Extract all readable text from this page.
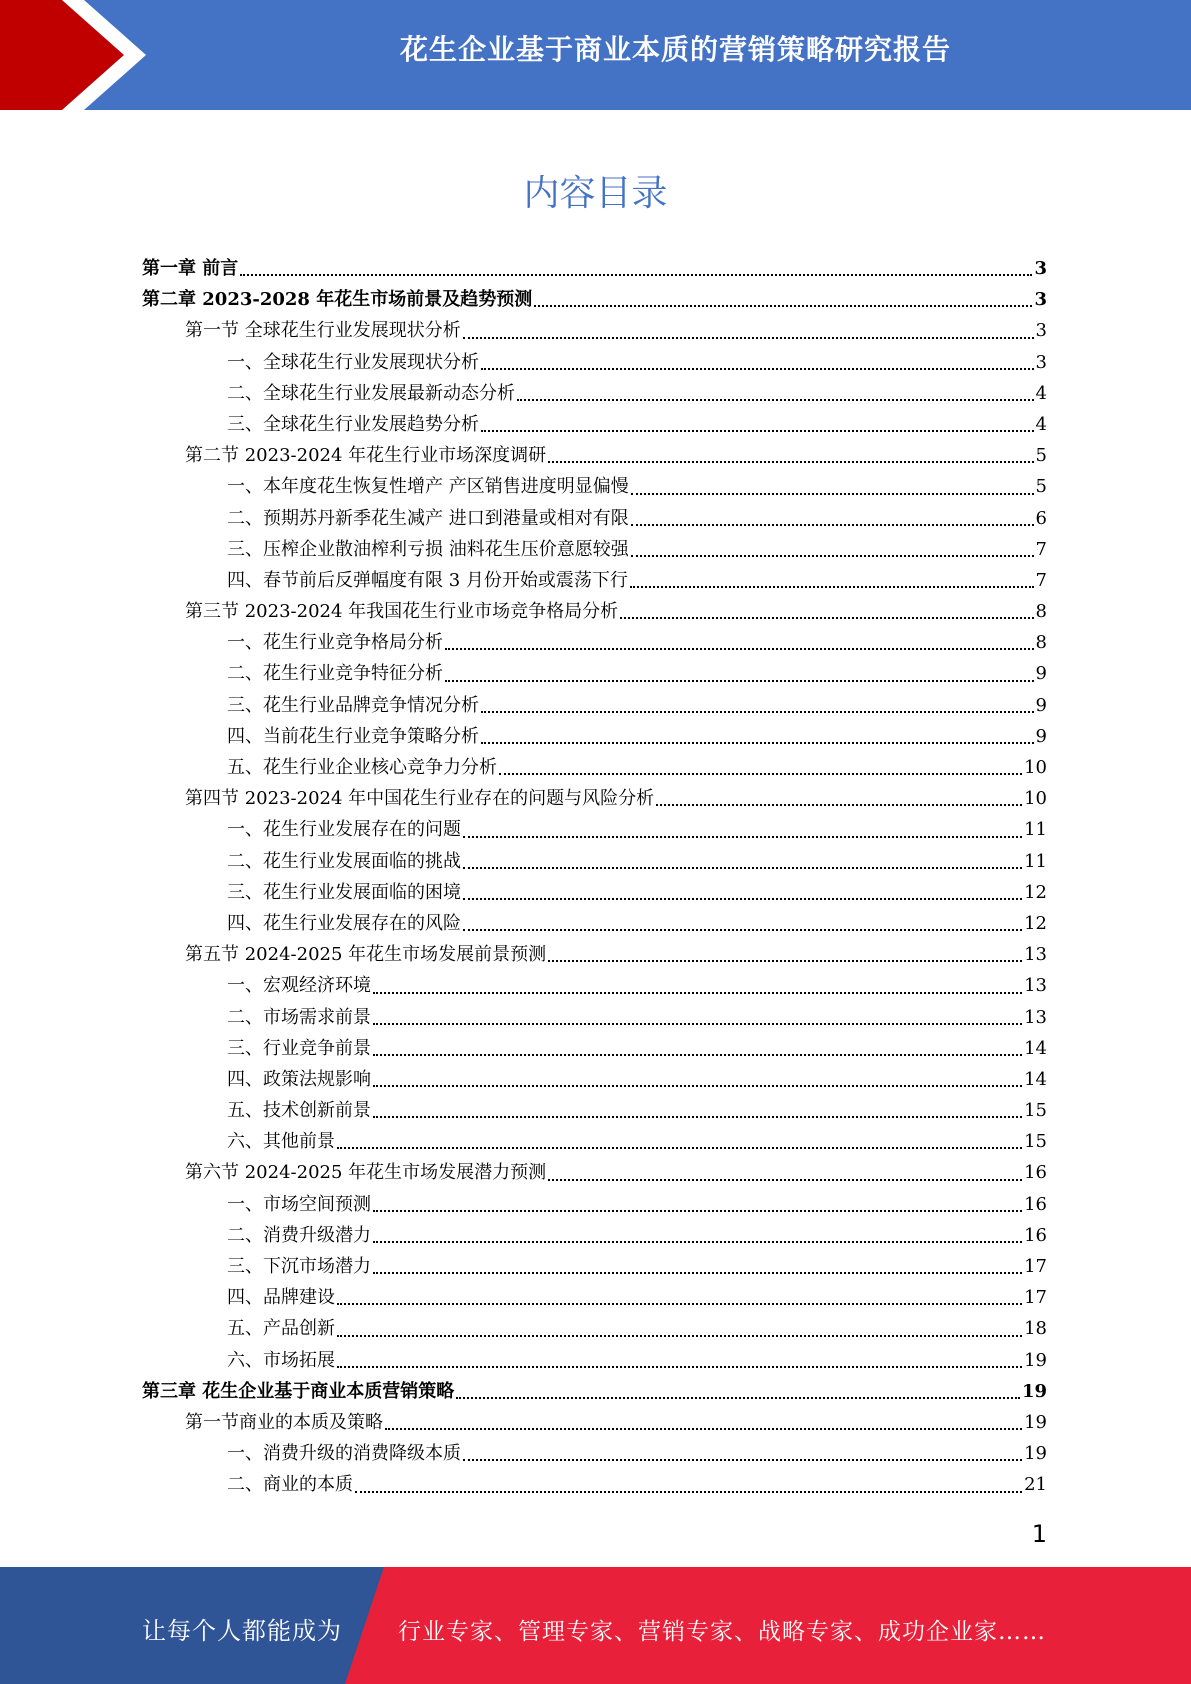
花生企业基于商业本质的营销策略研究报告
内容目录
第一章 前言	3
第二章 2023-2028 年花生市场前景及趋势预测	3
第一节 全球花生行业发展现状分析	3
一、全球花生行业发展现状分析	3
二、全球花生行业发展最新动态分析	4
三、全球花生行业发展趋势分析	4
第二节 2023-2024 年花生行业市场深度调研	5
一、本年度花生恢复性增产 产区销售进度明显偏慢	5
二、预期苏丹新季花生减产 进口到港量或相对有限	6
三、压榨企业散油榨利亏损 油料花生压价意愿较强	7
四、春节前后反弹幅度有限 3 月份开始或震荡下行	7
第三节 2023-2024 年我国花生行业市场竞争格局分析	8
一、花生行业竞争格局分析	8
二、花生行业竞争特征分析	9
三、花生行业品牌竞争情况分析	9
四、当前花生行业竞争策略分析	9
五、花生行业企业核心竞争力分析	10
第四节 2023-2024 年中国花生行业存在的问题与风险分析	10
一、花生行业发展存在的问题	11
二、花生行业发展面临的挑战	11
三、花生行业发展面临的困境	12
四、花生行业发展存在的风险	12
第五节 2024-2025 年花生市场发展前景预测	13
一、宏观经济环境	13
二、市场需求前景	13
三、行业竞争前景	14
四、政策法规影响	14
五、技术创新前景	15
六、其他前景	15
第六节 2024-2025 年花生市场发展潜力预测	16
一、市场空间预测	16
二、消费升级潜力	16
三、下沉市场潜力	17
四、品牌建设	17
五、产品创新	18
六、市场拓展	19
第三章 花生企业基于商业本质营销策略	19
第一节商业的本质及策略	19
一、消费升级的消费降级本质	19
二、商业的本质	21
1
让每个人都能成为 行业专家、管理专家、营销专家、战略专家、成功企业家……
